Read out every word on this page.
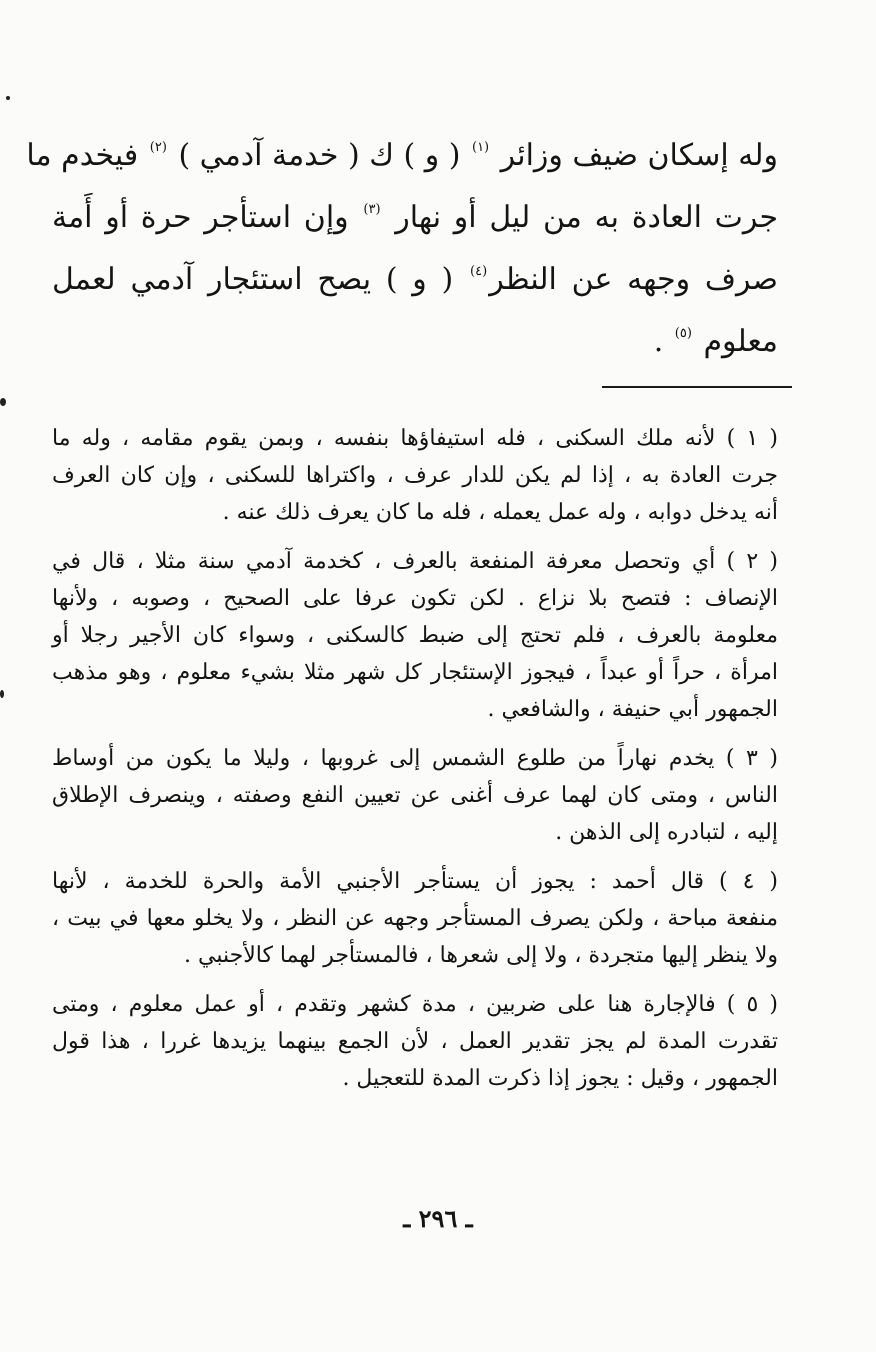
وله إسكان ضيف وزائر $^{(١)}$ ( و ) ك ( خدمة آدمي ) $^{(٢)}$ فيخدم ما
جرت العادة به من ليل أو نهار $^{(٣)}$ وإن استأجر حرة أو أَمة
صرف وجهه عن النظر$^{(٤)}$ ( و ) يصح استئجار آدمي لعمل
معلوم $^{(٥)}$ .
( ١ ) لأنه ملك السكنى ، فله استيفاؤها بنفسه ، وبمن يقوم مقامه ، وله ما
جرت العادة به ، إذا لم يكن للدار عرف ، واكتراها للسكنى ، وإن كان العرف
أنه يدخل دوابه ، وله عمل يعمله ، فله ما كان يعرف ذلك عنه .
( ٢ ) أي وتحصل معرفة المنفعة بالعرف ، كخدمة آدمي سنة مثلا ، قال في
الإنصاف : فتصح بلا نزاع . لكن تكون عرفا على الصحيح ، وصوبه ، ولأنها
معلومة بالعرف ، فلم تحتج إلى ضبط كالسكنى ، وسواء كان الأجير رجلا أو
امرأة ، حراً أو عبداً ، فيجوز الإستئجار كل شهر مثلا بشيء معلوم ، وهو مذهب
الجمهور أبي حنيفة ، والشافعي .
( ٣ ) يخدم نهاراً من طلوع الشمس إلى غروبها ، وليلا ما يكون من أوساط
الناس ، ومتى كان لهما عرف أغنى عن تعيين النفع وصفته ، وينصرف الإطلاق
إليه ، لتبادره إلى الذهن .
( ٤ ) قال أحمد : يجوز أن يستأجر الأجنبي الأمة والحرة للخدمة ، لأنها
منفعة مباحة ، ولكن يصرف المستأجر وجهه عن النظر ، ولا يخلو معها في بيت ،
ولا ينظر إليها متجردة ، ولا إلى شعرها ، فالمستأجر لهما كالأجنبي .
( ٥ ) فالإجارة هنا على ضربين ، مدة كشهر وتقدم ، أو عمل معلوم ، ومتى
تقدرت المدة لم يجز تقدير العمل ، لأن الجمع بينهما يزيدها غررا ، هذا قول
الجمهور ، وقيل : يجوز إذا ذكرت المدة للتعجيل .
ـ ٢٩٦ ـ
